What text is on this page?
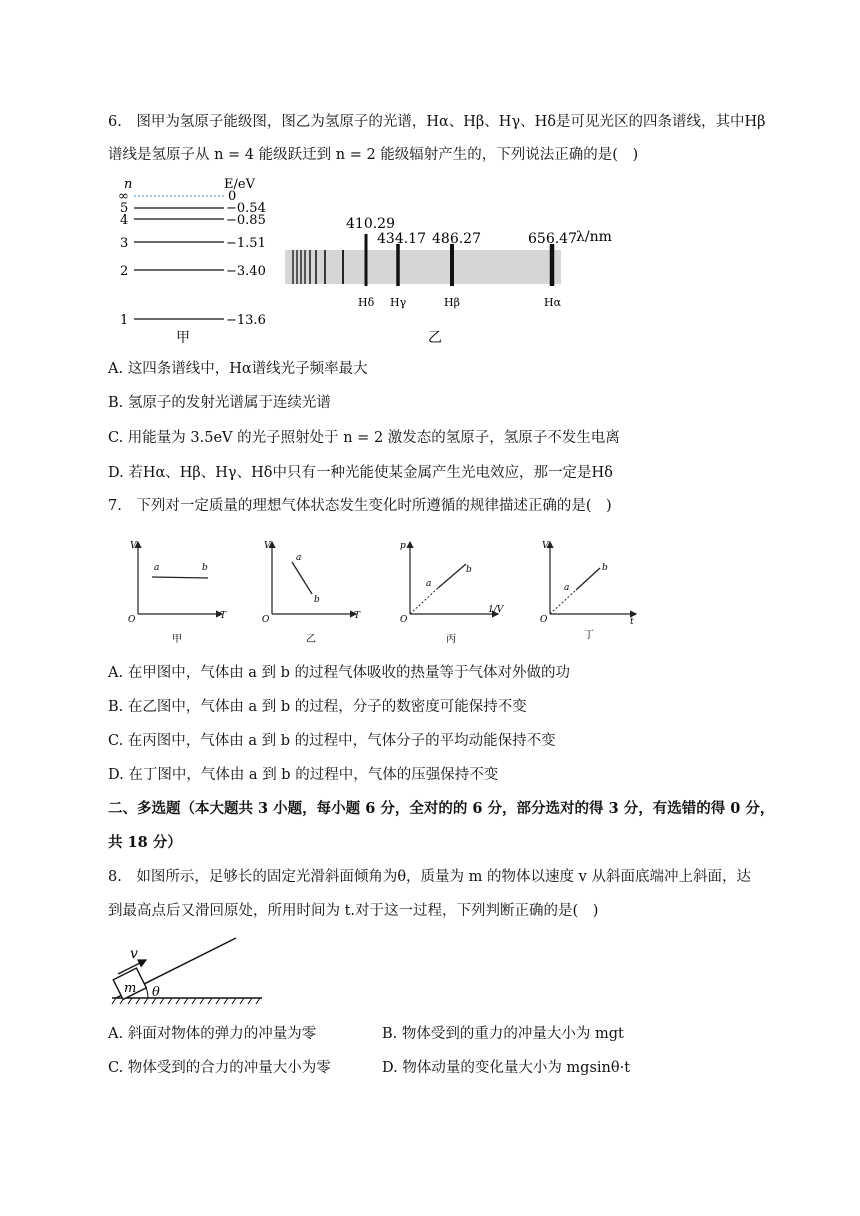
6.　图甲为氢原子能级图，图乙为氢原子的光谱，Hα、Hβ、Hγ、Hδ是可见光区的四条谱线，其中Hβ
谱线是氢原子从 n = 4 能级跃迁到 n = 2 能级辐射产生的，下列说法正确的是(　)
n	E/eV
∞
5
4
3
2
1
0
−0.54
−0.85
−1.51
−3.40
−13.6
甲
410.29
434.17 486.27	656.47 λ/nm
Hδ Hγ	Hβ	Hα
乙
A. 这四条谱线中，Hα谱线光子频率最大
B. 氢原子的发射光谱属于连续光谱
C. 用能量为 3.5eV 的光子照射处于 n = 2 激发态的氢原子，氢原子不发生电离
D. 若Hα、Hβ、Hγ、Hδ中只有一种光能使某金属产生光电效应，那一定是Hδ
7.　下列对一定质量的理想气体状态发生变化时所遵循的规律描述正确的是(　)
V
T
O
a	b
甲
V
T
O
a
b
乙
p
1/V
O
a
b
丙
V
t
O
a
b
丁
A. 在甲图中，气体由 a 到 b 的过程气体吸收的热量等于气体对外做的功
B. 在乙图中，气体由 a 到 b 的过程，分子的数密度可能保持不变
C. 在丙图中，气体由 a 到 b 的过程中，气体分子的平均动能保持不变
D. 在丁图中，气体由 a 到 b 的过程中，气体的压强保持不变
二、多选题（本大题共 3 小题，每小题 6 分，全对的的 6 分，部分选对的得 3 分，有选错的得 0 分，
共 18 分）
8.　如图所示，足够长的固定光滑斜面倾角为θ，质量为 m 的物体以速度 v 从斜面底端冲上斜面，达
到最高点后又滑回原处，所用时间为 t.对于这一过程，下列判断正确的是(　)
m
v
θ
A. 斜面对物体的弹力的冲量为零	B. 物体受到的重力的冲量大小为 mgt
C. 物体受到的合力的冲量大小为零	D. 物体动量的变化量大小为 mgsinθ·t
